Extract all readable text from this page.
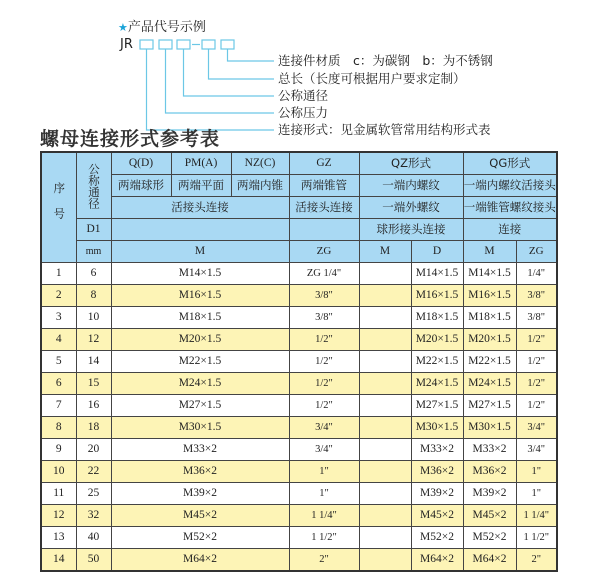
★产品代号示例
JR
连接件材质　c：为碳钢　b：为不锈钢
总长（长度可根据用户要求定制）
公称通径
公称压力
连接形式：见金属软管常用结构形式表
螺母连接形式参考表
序号	公称通径	Q(D)	PM(A)	NZ(C)	GZ	QZ形式		QG形式	
		两端球形	两端平面	两端内锥	两端锥管	一端内螺纹		一端内螺纹活接头	
		活接头连接			活接头连接	一端外螺纹		一端锥管螺纹接头	
	D1					球形接头连接		连接	
	mm	M			ZG	M	D	M	ZG
1	6	M14×1.5			ZG 1/4"		M14×1.5	M14×1.5	1/4"
2	8	M16×1.5			3/8"		M16×1.5	M16×1.5	3/8"
3	10	M18×1.5			3/8"		M18×1.5	M18×1.5	3/8"
4	12	M20×1.5			1/2"		M20×1.5	M20×1.5	1/2"
5	14	M22×1.5			1/2"		M22×1.5	M22×1.5	1/2"
6	15	M24×1.5			1/2"		M24×1.5	M24×1.5	1/2"
7	16	M27×1.5			1/2"		M27×1.5	M27×1.5	1/2"
8	18	M30×1.5			3/4"		M30×1.5	M30×1.5	3/4"
9	20	M33×2			3/4"		M33×2	M33×2	3/4"
10	22	M36×2			1"		M36×2	M36×2	1"
11	25	M39×2			1"		M39×2	M39×2	1"
12	32	M45×2			1 1/4"		M45×2	M45×2	1 1/4"
13	40	M52×2			1 1/2"		M52×2	M52×2	1 1/2"
14	50	M64×2			2"		M64×2	M64×2	2"
